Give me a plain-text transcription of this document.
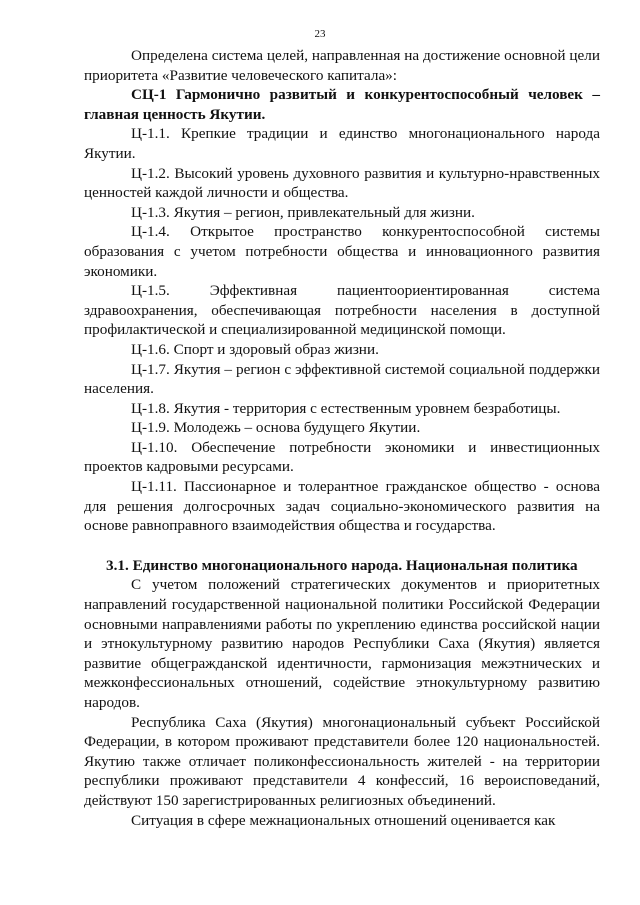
23

Определена система целей, направленная на достижение основной цели приоритета «Развитие человеческого капитала»:

СЦ-1 Гармонично развитый и конкурентоспособный человек – главная ценность Якутии.

Ц-1.1. Крепкие традиции и единство многонационального народа Якутии.

Ц-1.2. Высокий уровень духовного развития и культурно-нравственных ценностей каждой личности и общества.

Ц-1.3. Якутия – регион, привлекательный для жизни.

Ц-1.4. Открытое пространство конкурентоспособной системы образования с учетом потребности общества и инновационного развития экономики.

Ц-1.5. Эффективная пациентоориентированная система здравоохранения, обеспечивающая потребности населения в доступной профилактической и специализированной медицинской помощи.

Ц-1.6. Спорт и здоровый образ жизни.

Ц-1.7. Якутия – регион с эффективной системой социальной поддержки населения.

Ц-1.8. Якутия - территория с естественным уровнем безработицы.

Ц-1.9. Молодежь – основа будущего Якутии.

Ц-1.10. Обеспечение потребности экономики и инвестиционных проектов кадровыми ресурсами.

Ц-1.11. Пассионарное и толерантное гражданское общество - основа для решения долгосрочных задач социально-экономического развития на основе равноправного взаимодействия общества и государства.

3.1. Единство многонационального народа. Национальная политика

С учетом положений стратегических документов и приоритетных направлений государственной национальной политики Российской Федерации основными направлениями работы по укреплению единства российской нации и этнокультурному развитию народов Республики Саха (Якутия) является развитие общегражданской идентичности, гармонизация межэтнических и межконфессиональных отношений, содействие этнокультурному развитию народов.

Республика Саха (Якутия) многонациональный субъект Российской Федерации, в котором проживают представители более 120 национальностей. Якутию также отличает поликонфессиональность жителей - на территории республики проживают представители 4 конфессий, 16 вероисповеданий, действуют 150 зарегистрированных религиозных объединений.

Ситуация в сфере межнациональных отношений оценивается как
